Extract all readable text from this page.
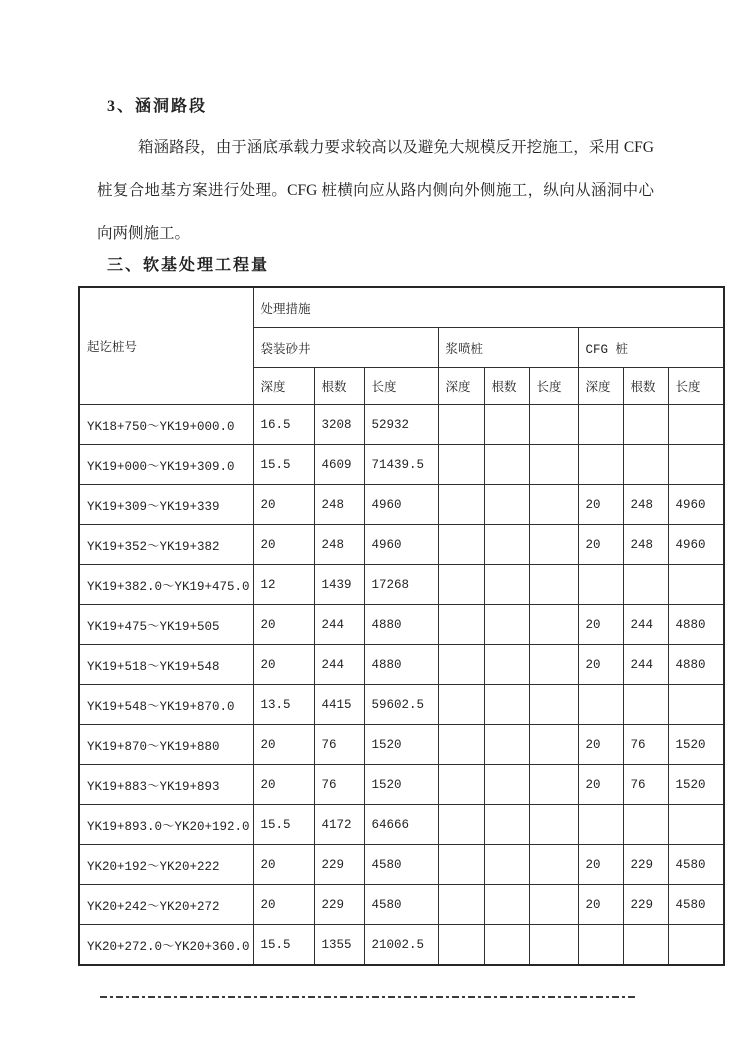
3、涵洞路段
箱涵路段，由于涵底承载力要求较高以及避免大规模反开挖施工，采用 CFG
桩复合地基方案进行处理。CFG 桩横向应从路内侧向外侧施工，纵向从涵洞中心
向两侧施工。
三、软基处理工程量
起讫桩号	处理措施								
	袋装砂井			浆喷桩			CFG 桩		
	深度	根数	长度	深度	根数	长度	深度	根数	长度
YK18+750～YK19+000.0	16.5	3208	52932						
YK19+000～YK19+309.0	15.5	4609	71439.5						
YK19+309～YK19+339	20	248	4960				20	248	4960
YK19+352～YK19+382	20	248	4960				20	248	4960
YK19+382.0～YK19+475.0	12	1439	17268						
YK19+475～YK19+505	20	244	4880				20	244	4880
YK19+518～YK19+548	20	244	4880				20	244	4880
YK19+548～YK19+870.0	13.5	4415	59602.5						
YK19+870～YK19+880	20	76	1520				20	76	1520
YK19+883～YK19+893	20	76	1520				20	76	1520
YK19+893.0～YK20+192.0	15.5	4172	64666						
YK20+192～YK20+222	20	229	4580				20	229	4580
YK20+242～YK20+272	20	229	4580				20	229	4580
YK20+272.0～YK20+360.0	15.5	1355	21002.5						
